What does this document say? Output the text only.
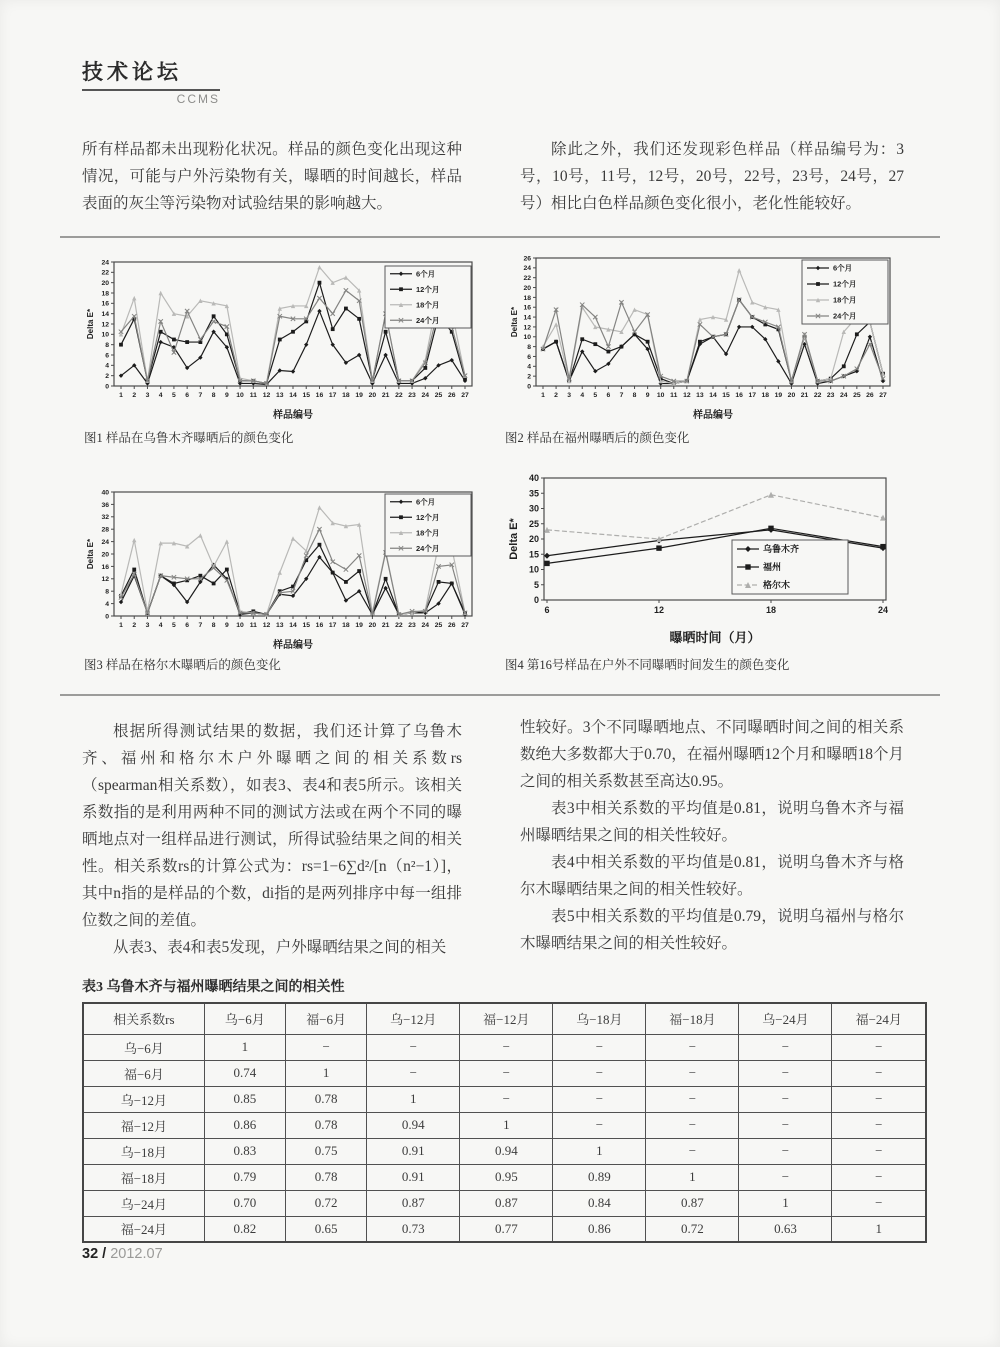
技术论坛
CCMS

所有样品都未出现粉化状况。样品的颜色变化出现这种情况，可能与户外污染物有关，曝晒的时间越长，样品表面的灰尘等污染物对试验结果的影响越大。

除此之外，我们还发现彩色样品（样品编号为：3号，10号，11号，12号，20号，22号，23号，24号，27号）相比白色样品颜色变化很小，老化性能较好。

0
2
4
6
8
10
12
14
16
18
20
22
24
1 2 3 4 5 6 7 8 9 10 11 12 13 14 15 16 17 18 19 20 21 22 23 24 25 26 27
Delta E*
样品编号
6个月
12个月
18个月
24个月
图1 样品在乌鲁木齐曝晒后的颜色变化
0
2
4
6
8
10
12
14
16
18
20
22
24
26
1 2 3 4 5 6 7 8 9 10 11 12 13 14 15 16 17 18 19 20 21 22 23 24 25 26 27
Delta E*
样品编号
6个月
12个月
18个月
24个月
图2 样品在福州曝晒后的颜色变化
0
4
8
12
16
20
24
28
32
36
40
1 2 3 4 5 6 7 8 9 10 11 12 13 14 15 16 17 18 19 20 21 22 23 24 25 26 27
Delta E*
样品编号
6个月
12个月
18个月
24个月
图3 样品在格尔木曝晒后的颜色变化
0
5
10
15
20
25
30
35
40
6	12	18	24
Delta E*
曝晒时间（月）
乌鲁木齐
福州
格尔木
图4 第16号样品在户外不同曝晒时间发生的颜色变化

根据所得测试结果的数据，我们还计算了乌鲁木齐、福州和格尔木户外曝晒之间的相关系数rs（spearman相关系数），如表3、表4和表5所示。该相关系数指的是利用两种不同的测试方法或在两个不同的曝晒地点对一组样品进行测试，所得试验结果之间的相关性。相关系数rs的计算公式为：rs=1−6∑d²/[n（n²−1）]，其中n指的是样品的个数，di指的是两列排序中每一组排位数之间的差值。

从表3、表4和表5发现，户外曝晒结果之间的相关

性较好。3个不同曝晒地点、不同曝晒时间之间的相关系数绝大多数都大于0.70，在福州曝晒12个月和曝晒18个月之间的相关系数甚至高达0.95。

表3中相关系数的平均值是0.81，说明乌鲁木齐与福州曝晒结果之间的相关性较好。

表4中相关系数的平均值是0.81，说明乌鲁木齐与格尔木曝晒结果之间的相关性较好。

表5中相关系数的平均值是0.79，说明乌福州与格尔木曝晒结果之间的相关性较好。

表3 乌鲁木齐与福州曝晒结果之间的相关性
相关系数rs	乌−6月	福−6月	乌−12月	福−12月	乌−18月	福−18月	乌−24月	福−24月
乌−6月	1	−	−	−	−	−	−	−
福−6月	0.74	1	−	−	−	−	−	−
乌−12月	0.85	0.78	1	−	−	−	−	−
福−12月	0.86	0.78	0.94	1	−	−	−	−
乌−18月	0.83	0.75	0.91	0.94	1	−	−	−
福−18月	0.79	0.78	0.91	0.95	0.89	1	−	−
乌−24月	0.70	0.72	0.87	0.87	0.84	0.87	1	−
福−24月	0.82	0.65	0.73	0.77	0.86	0.72	0.63	1
32 / 2012.07
